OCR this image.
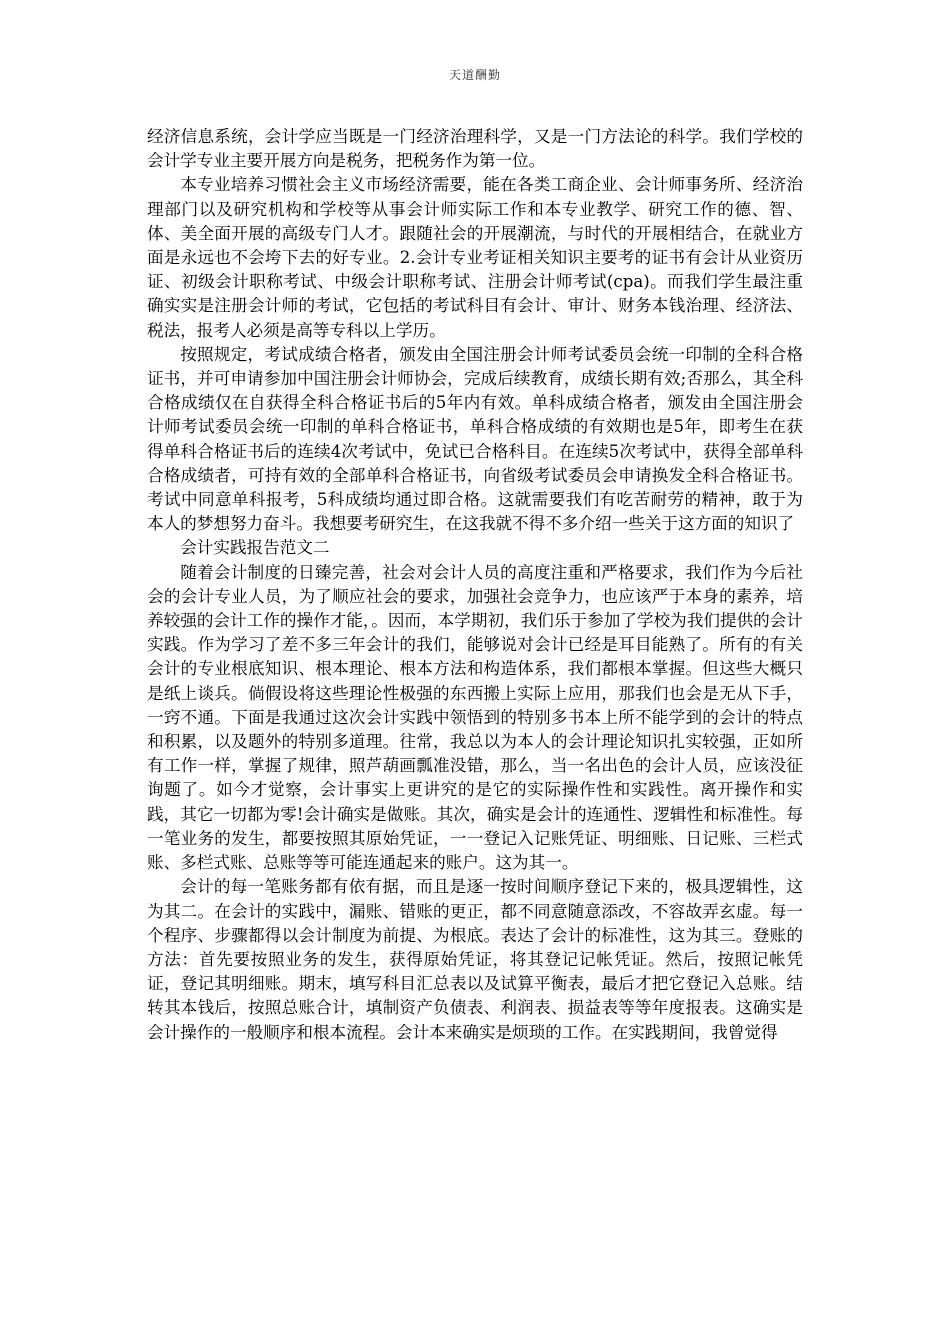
天道酬勤

经济信息系统，会计学应当既是一门经济治理科学，又是一门方法论的科学。我们学校的会计学专业主要开展方向是税务，把税务作为第一位。

本专业培养习惯社会主义市场经济需要，能在各类工商企业、会计师事务所、经济治理部门以及研究机构和学校等从事会计师实际工作和本专业教学、研究工作的德、智、体、美全面开展的高级专门人才。跟随社会的开展潮流，与时代的开展相结合，在就业方面是永远也不会垮下去的好专业。2.会计专业考证相关知识主要考的证书有会计从业资历证、初级会计职称考试、中级会计职称考试、注册会计师考试(cpa)。而我们学生最注重确实实是注册会计师的考试，它包括的考试科目有会计、审计、财务本钱治理、经济法、税法，报考人必须是高等专科以上学历。

按照规定，考试成绩合格者，颁发由全国注册会计师考试委员会统一印制的全科合格证书，并可申请参加中国注册会计师协会，完成后续教育，成绩长期有效;否那么，其全科合格成绩仅在自获得全科合格证书后的5年内有效。单科成绩合格者，颁发由全国注册会计师考试委员会统一印制的单科合格证书，单科合格成绩的有效期也是5年，即考生在获得单科合格证书后的连续4次考试中，免试已合格科目。在连续5次考试中，获得全部单科合格成绩者，可持有效的全部单科合格证书，向省级考试委员会申请换发全科合格证书。考试中同意单科报考，5科成绩均通过即合格。这就需要我们有吃苦耐劳的精神，敢于为本人的梦想努力奋斗。我想要考研究生，在这我就不得不多介绍一些关于这方面的知识了

会计实践报告范文二

随着会计制度的日臻完善，社会对会计人员的高度注重和严格要求，我们作为今后社会的会计专业人员，为了顺应社会的要求，加强社会竞争力，也应该严于本身的素养，培养较强的会计工作的操作才能，。因而，本学期初，我们乐于参加了学校为我们提供的会计实践。作为学习了差不多三年会计的我们，能够说对会计已经是耳目能熟了。所有的有关会计的专业根底知识、根本理论、根本方法和构造体系，我们都根本掌握。但这些大概只是纸上谈兵。倘假设将这些理论性极强的东西搬上实际上应用，那我们也会是无从下手，一窍不通。下面是我通过这次会计实践中领悟到的特别多书本上所不能学到的会计的特点和积累，以及题外的特别多道理。往常，我总以为本人的会计理论知识扎实较强，正如所有工作一样，掌握了规律，照芦葫画瓢准没错，那么，当一名出色的会计人员，应该没征询题了。如今才觉察，会计事实上更讲究的是它的实际操作性和实践性。离开操作和实践，其它一切都为零!会计确实是做账。其次，确实是会计的连通性、逻辑性和标准性。每一笔业务的发生，都要按照其原始凭证，一一登记入记账凭证、明细账、日记账、三栏式账、多栏式账、总账等等可能连通起来的账户。这为其一。

会计的每一笔账务都有依有据，而且是逐一按时间顺序登记下来的，极具逻辑性，这为其二。在会计的实践中，漏账、错账的更正，都不同意随意添改，不容故弄玄虚。每一个程序、步骤都得以会计制度为前提、为根底。表达了会计的标准性，这为其三。登账的方法：首先要按照业务的发生，获得原始凭证，将其登记记帐凭证。然后，按照记帐凭证，登记其明细账。期末，填写科目汇总表以及试算平衡表，最后才把它登记入总账。结转其本钱后，按照总账合计，填制资产负债表、利润表、损益表等等年度报表。这确实是会计操作的一般顺序和根本流程。会计本来确实是烦琐的工作。在实践期间，我曾觉得
